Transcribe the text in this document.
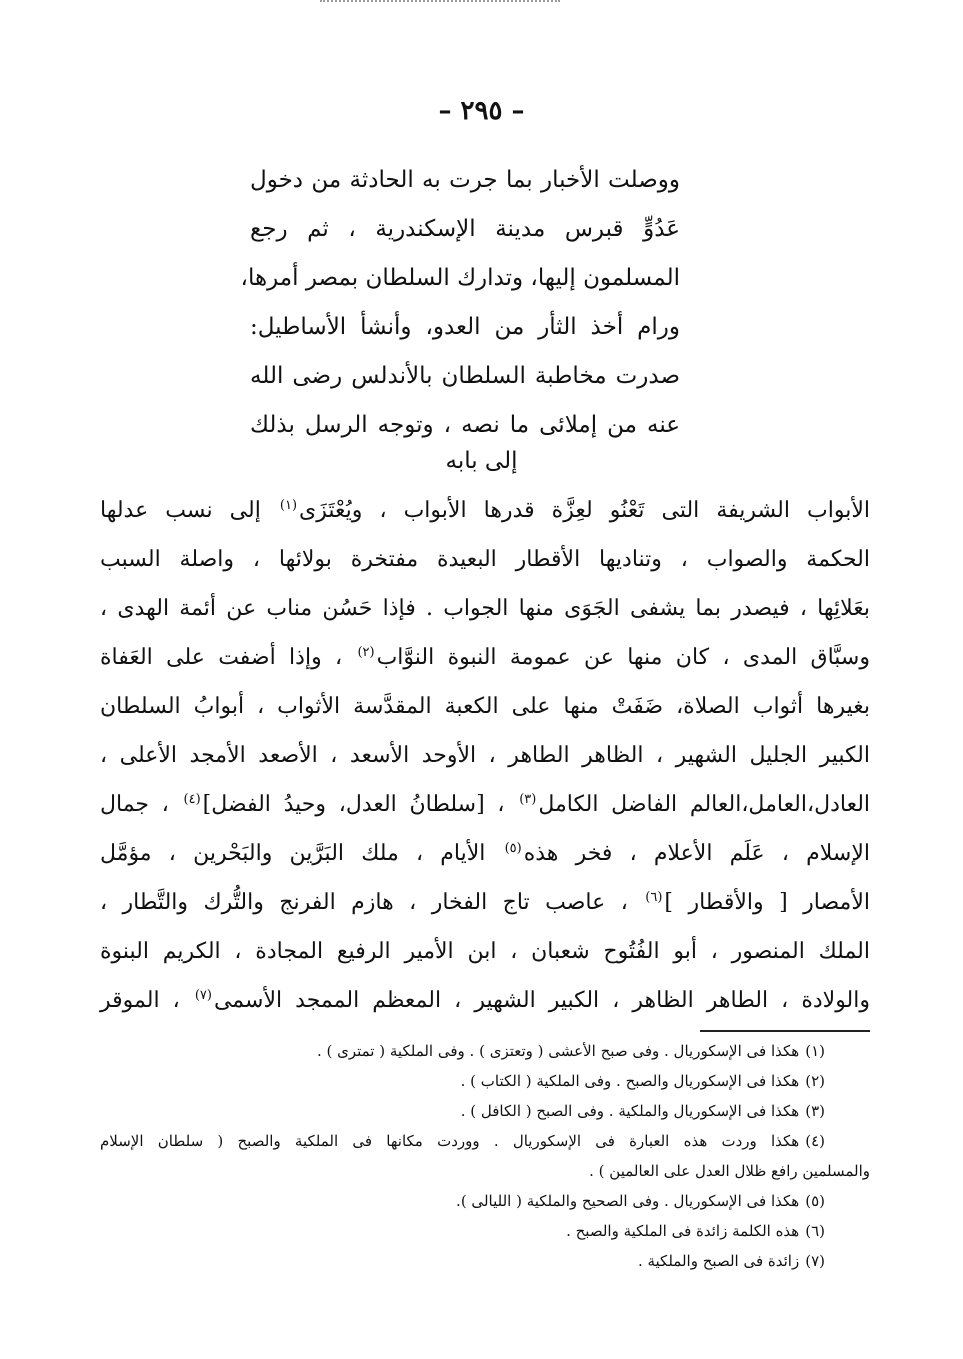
– ٢٩٥ –
ووصلت الأخبار بما جرت به الحادثة من دخول
عَدُوٍّ قبرس مدينة الإسكندرية ، ثم رجع
المسلمون إليها، وتدارك السلطان بمصر أمرها،
ورام أخذ الثأر من العدو، وأنشأ الأساطيل:
صدرت مخاطبة السلطان بالأندلس رضى الله
عنه من إملائى ما نصه ، وتوجه الرسل بذلك
إلى بابه
الأبواب الشريفة التى تَعْنُو لعِزَّة قدرها الأبواب ، ويُعْتَزَى$^{(١)}$ إلى نسب عدلها
الحكمة والصواب ، وتناديها الأقطار البعيدة مفتخرة بولائها ، واصلة السبب
بعَلائِها ، فيصدر بما يشفى الجَوَى منها الجواب . فإذا حَسُن مناب عن أئمة الهدى ،
وسبَّاق المدى ، كان منها عن عمومة النبوة النوَّاب$^{(٢)}$ ، وإذا أضفت على العَفاة
بغيرها أثواب الصلاة، ضَفَتْ منها على الكعبة المقدَّسة الأثواب ، أبوابُ السلطان
الكبير الجليل الشهير ، الظاهر الطاهر ، الأوحد الأسعد ، الأصعد الأمجد الأعلى ،
العادل،العامل،العالم الفاضل الكامل$^{(٣)}$ ، [سلطانُ العدل، وحيدُ الفضل]$^{(٤)}$ ، جمال
الإسلام ، عَلَم الأعلام ، فخر هذه$^{(٥)}$ الأيام ، ملك البَرَّين والبَحْرين ، مؤمَّل
الأمصار [ والأقطار ]$^{(٦)}$ ، عاصب تاج الفخار ، هازم الفرنج والتُّرك والتَّطار ،
الملك المنصور ، أبو الفُتُوح شعبان ، ابن الأمير الرفيع المجادة ، الكريم البنوة
والولادة ، الطاهر الظاهر ، الكبير الشهير ، المعظم الممجد الأسمى$^{(٧)}$ ، الموقر
(١)هكذا فى الإسكوريال . وفى صبح الأعشى ( وتعتزى ) . وفى الملكية ( تمترى ) .
(٢)هكذا فى الإسكوريال والصبح . وفى الملكية ( الكتاب ) .
(٣)هكذا فى الإسكوريال والملكية . وفى الصبح ( الكافل ) .
(٤)هكذا وردت هذه العبارة فى الإسكوريال . ووردت مكانها فى الملكية والصبح ( سلطان الإسلام
والمسلمين رافع ظلال العدل على العالمين ) .
(٥)هكذا فى الإسكوريال . وفى الصحيح والملكية ( الليالى ).
(٦)هذه الكلمة زائدة فى الملكية والصبح .
(٧)زائدة فى الصبح والملكية .
